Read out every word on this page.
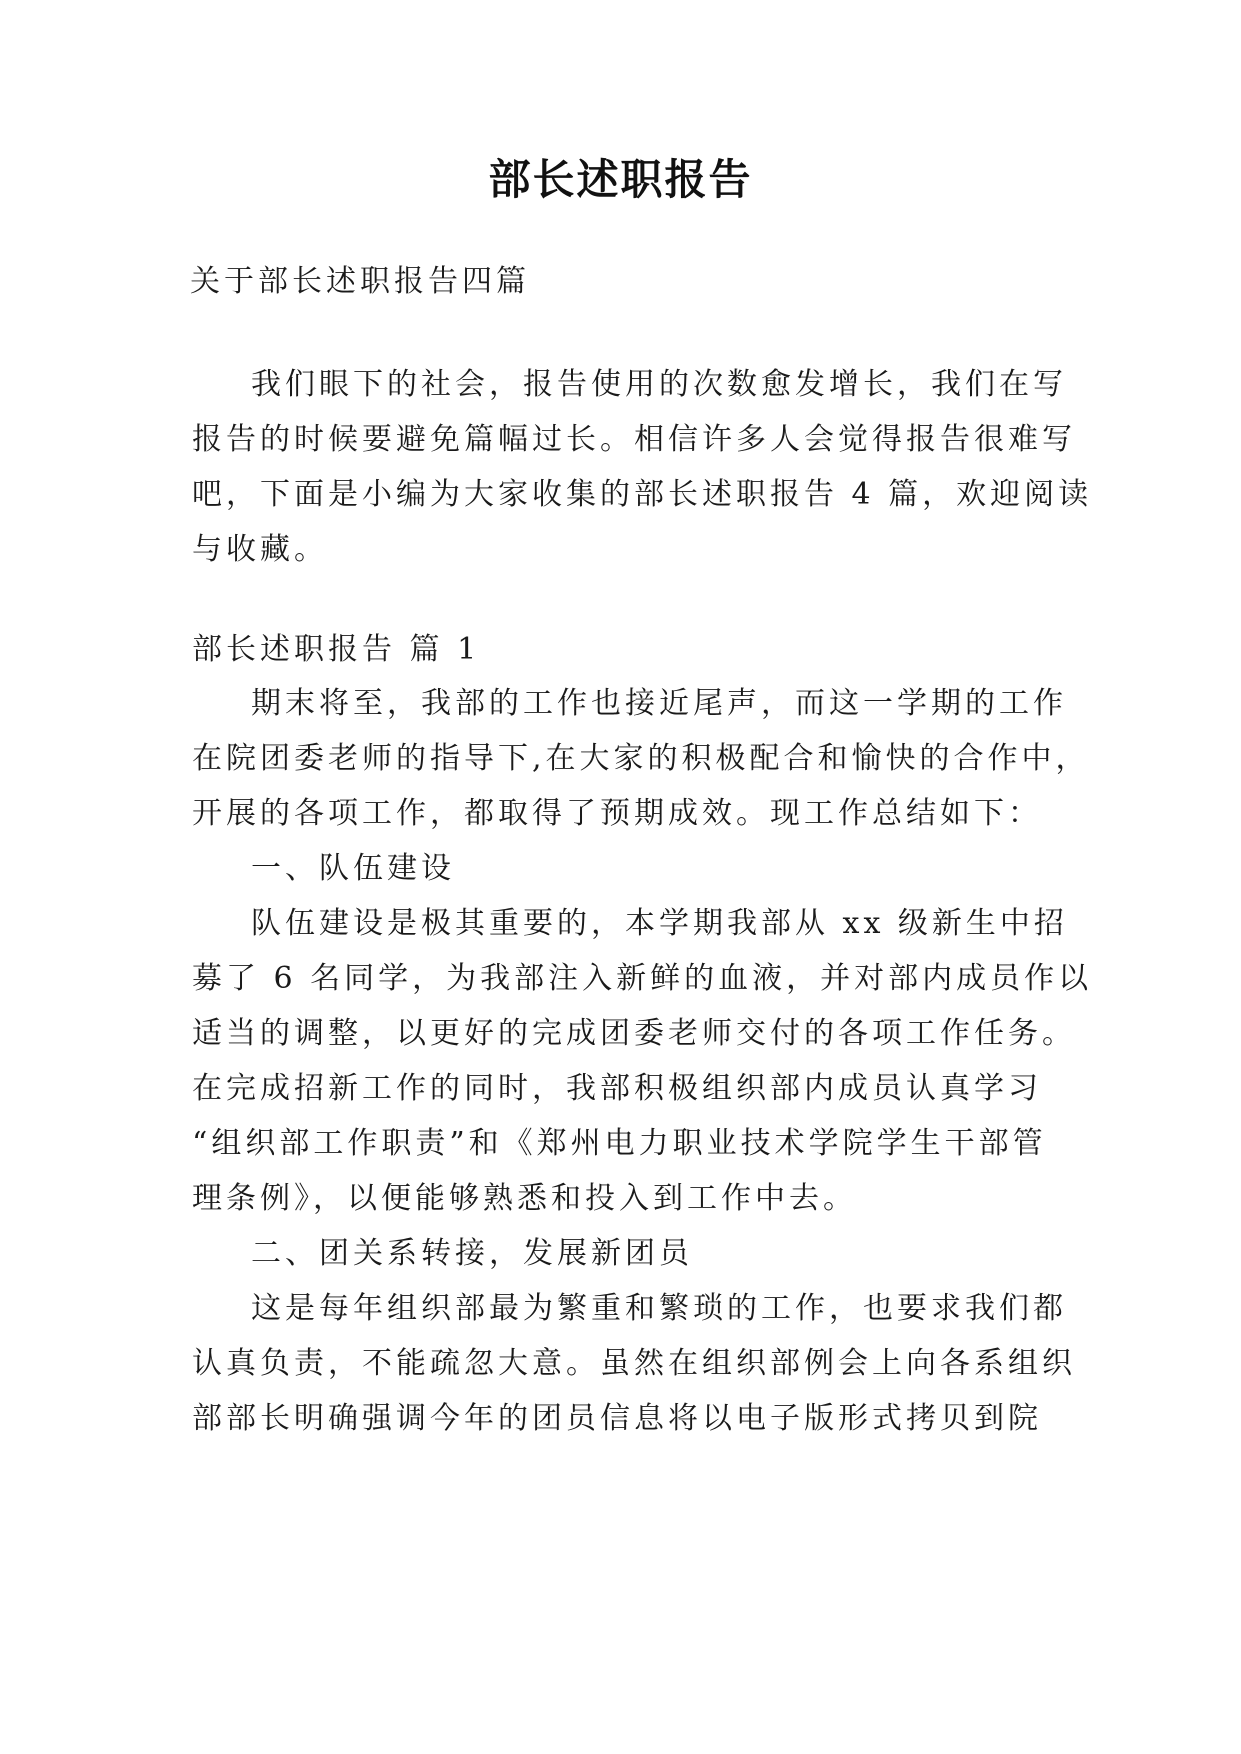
部长述职报告
关于部长述职报告四篇
我们眼下的社会，报告使用的次数愈发增长，我们在写
报告的时候要避免篇幅过长。相信许多人会觉得报告很难写
吧，下面是小编为大家收集的部长述职报告 4 篇，欢迎阅读
与收藏。
部长述职报告 篇 1
期末将至，我部的工作也接近尾声，而这一学期的工作
在院团委老师的指导下,在大家的积极配合和愉快的合作中，
开展的各项工作，都取得了预期成效。现工作总结如下：
一、队伍建设
队伍建设是极其重要的，本学期我部从 xx 级新生中招
募了 6 名同学，为我部注入新鲜的血液，并对部内成员作以
适当的调整，以更好的完成团委老师交付的各项工作任务。
在完成招新工作的同时，我部积极组织部内成员认真学习
“组织部工作职责”和《郑州电力职业技术学院学生干部管
理条例》，以便能够熟悉和投入到工作中去。
二、团关系转接，发展新团员
这是每年组织部最为繁重和繁琐的工作，也要求我们都
认真负责，不能疏忽大意。虽然在组织部例会上向各系组织
部部长明确强调今年的团员信息将以电子版形式拷贝到院
